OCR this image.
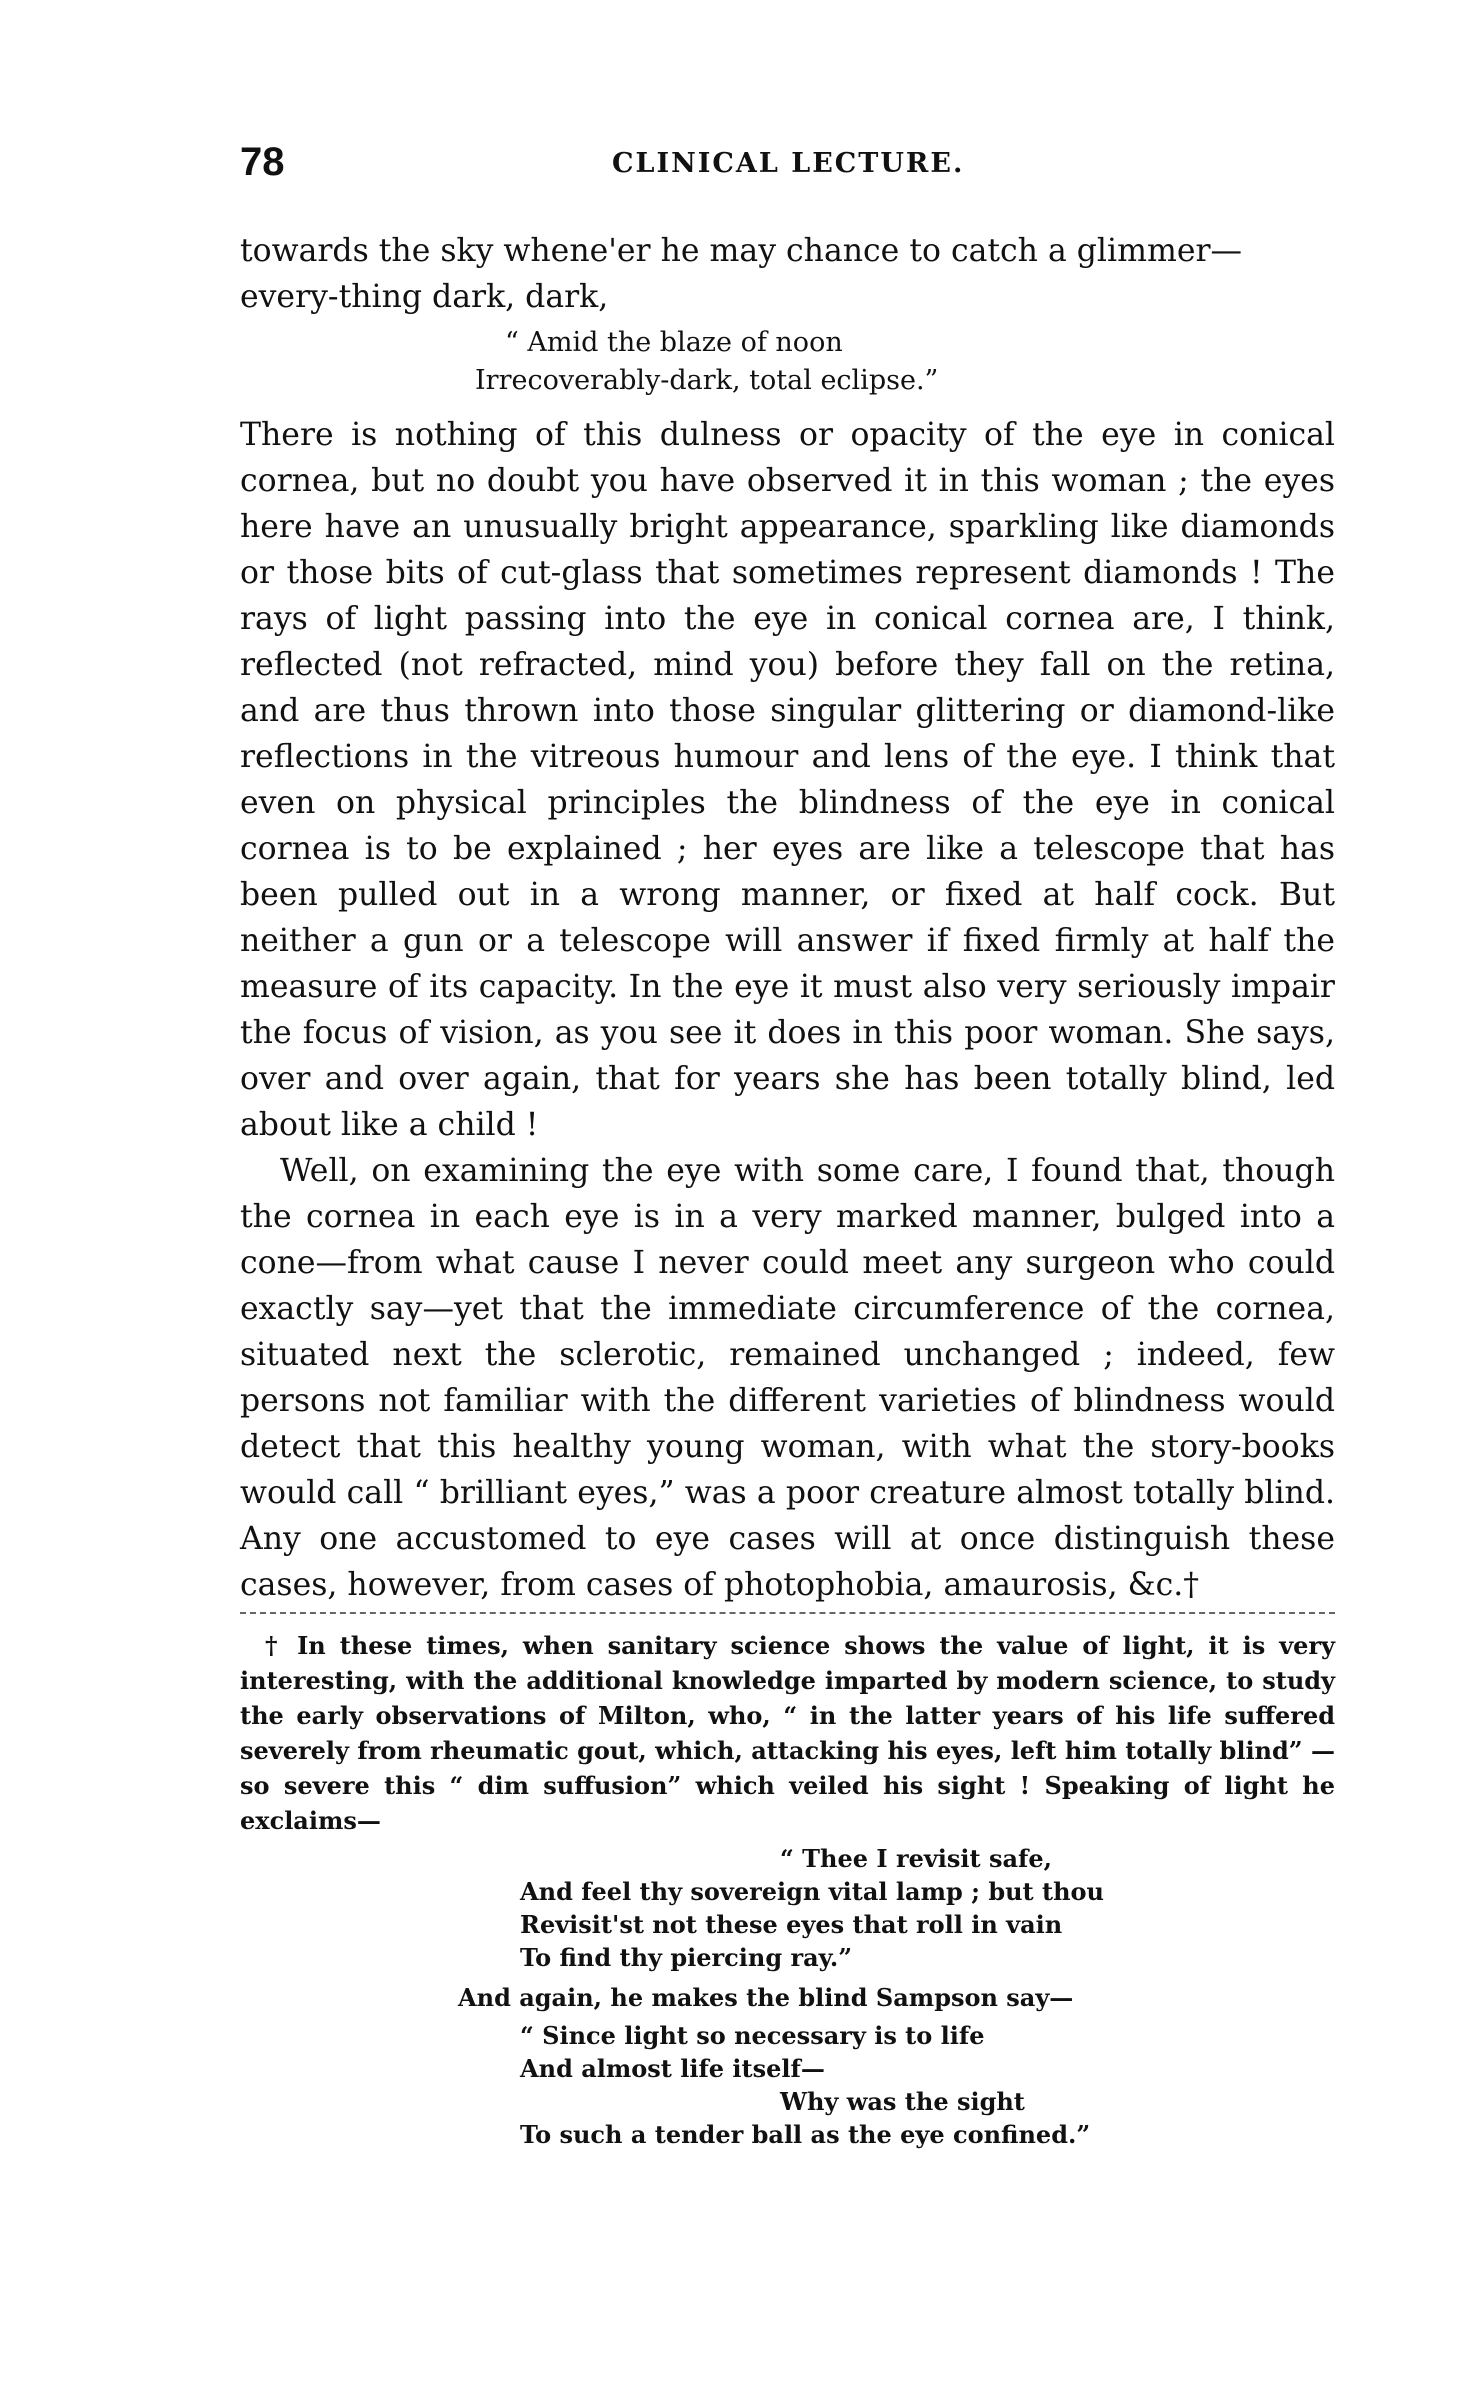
78	CLINICAL LECTURE.

towards the sky whene'er he may chance to catch a glimmer—every-thing dark, dark,

“ Amid the blaze of noon
Irrecoverably-dark, total eclipse.”

There is nothing of this dulness or opacity of the eye in conical cornea, but no doubt you have observed it in this woman ; the eyes here have an unusually bright appearance, sparkling like diamonds or those bits of cut-glass that sometimes represent diamonds ! The rays of light passing into the eye in conical cornea are, I think, reflected (not refracted, mind you) before they fall on the retina, and are thus thrown into those singular glittering or diamond-like reflections in the vitreous humour and lens of the eye. I think that even on physical principles the blindness of the eye in conical cornea is to be explained ; her eyes are like a telescope that has been pulled out in a wrong manner, or fixed at half cock. But neither a gun or a telescope will answer if fixed firmly at half the measure of its capacity. In the eye it must also very seriously impair the focus of vision, as you see it does in this poor woman. She says, over and over again, that for years she has been totally blind, led about like a child !

Well, on examining the eye with some care, I found that, though the cornea in each eye is in a very marked manner, bulged into a cone—from what cause I never could meet any surgeon who could exactly say—yet that the immediate circumference of the cornea, situated next the sclerotic, remained unchanged ; indeed, few persons not familiar with the different varieties of blindness would detect that this healthy young woman, with what the story-books would call “ brilliant eyes,” was a poor creature almost totally blind. Any one accustomed to eye cases will at once distinguish these cases, however, from cases of photophobia, amaurosis, &c.†

† In these times, when sanitary science shows the value of light, it is very interesting, with the additional knowledge imparted by modern science, to study the early observations of Milton, who, “ in the latter years of his life suffered severely from rheumatic gout, which, attacking his eyes, left him totally blind” —so severe this “ dim suffusion” which veiled his sight ! Speaking of light he exclaims—

“ Thee I revisit safe,
And feel thy sovereign vital lamp ; but thou
Revisit'st not these eyes that roll in vain
To find thy piercing ray.”

And again, he makes the blind Sampson say—

“ Since light so necessary is to life
And almost life itself—
Why was the sight
To such a tender ball as the eye confined.”
